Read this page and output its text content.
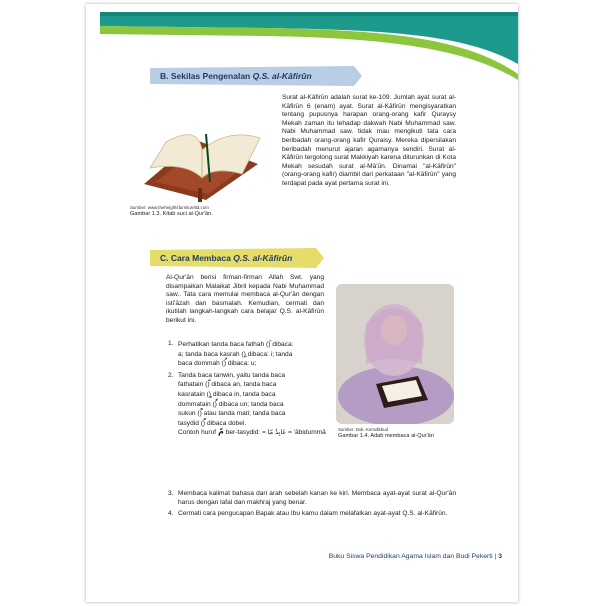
B. Sekilas Pengenalan Q.S. al-Kāfirūn
Sumber: www.theheightsfurnitureltd.com
Gambar 1.3. Kitab suci al-Qur'ān.
Surat al-Kāfirūn adalah surat ke-109. Jumlah ayat surat al-Kāfirūn 6 (enam) ayat. Surat al-Kāfirūn mengisyaratkan tentang pupusnya harapan orang-orang kafir Quraysy Mekah zaman itu tehadap dakwah Nabi Muhammad saw. Nabi Muhammad saw. tidak mau mengikuti tata cara beribadah orang-orang kafir Quraisy. Mereka dipersilakan beribadah menurut ajaran agamanya sendiri. Surat al-Kāfirūn tergolong surat Makkiyah karena diturunkan di Kota Mekah sesudah surat al-Mā'ūn. Dinamai "al-Kāfirūn" (orang-orang kafir) diambil dari perkataan "al-Kāfirūn" yang terdapat pada ayat pertama surat ini.
C. Cara Membaca Q.S. al-Kāfirūn
Al-Qur'ān berisi firman-firman Allah Swt. yang disampaikan Malaikat Jibril kepada Nabi Muhammad saw.. Tata cara memulai membaca al-Qur'ān dengan isti'āzah dan basmalah. Kemudian, cermati dan ikutilah langkah-langkah cara belajar Q.S. al-Kāfirūn berikut ini.
Sumber: Dok. Kemdikbud
Gambar 1.4. Adab membaca al-Qur'ān
1. Perhatikan tanda baca fathah () dibaca:
a; tanda baca kasrah () dibaca: i; tanda
baca dommah () dibaca: u;
2. Tanda baca tanwin, yaitu tanda baca
fathatain () dibaca an, tanda baca
kasratain () dibaca in, tanda baca
dommatain () dibaca un; tanda baca
sukun () atau tanda mati; tanda baca
tasydid () dibaca dobel.
Contoh huruf مّ ber-tasydid: = عَابِدٌ مّا = 'ābidummā
3. Membaca kalimat bahasa dari arah sebelah kanan ke kiri. Membaca ayat-ayat surat al-Qur'ān harus dengan lafal dan makhraj yang benar.
4. Cermati cara pengucapan Bapak atau Ibu kamu dalam melafalkan ayat-ayat Q.S. al-Kāfirūn.
Buku Siswa Pendidikan Agama Islam dan Budi Pekerti | 3
